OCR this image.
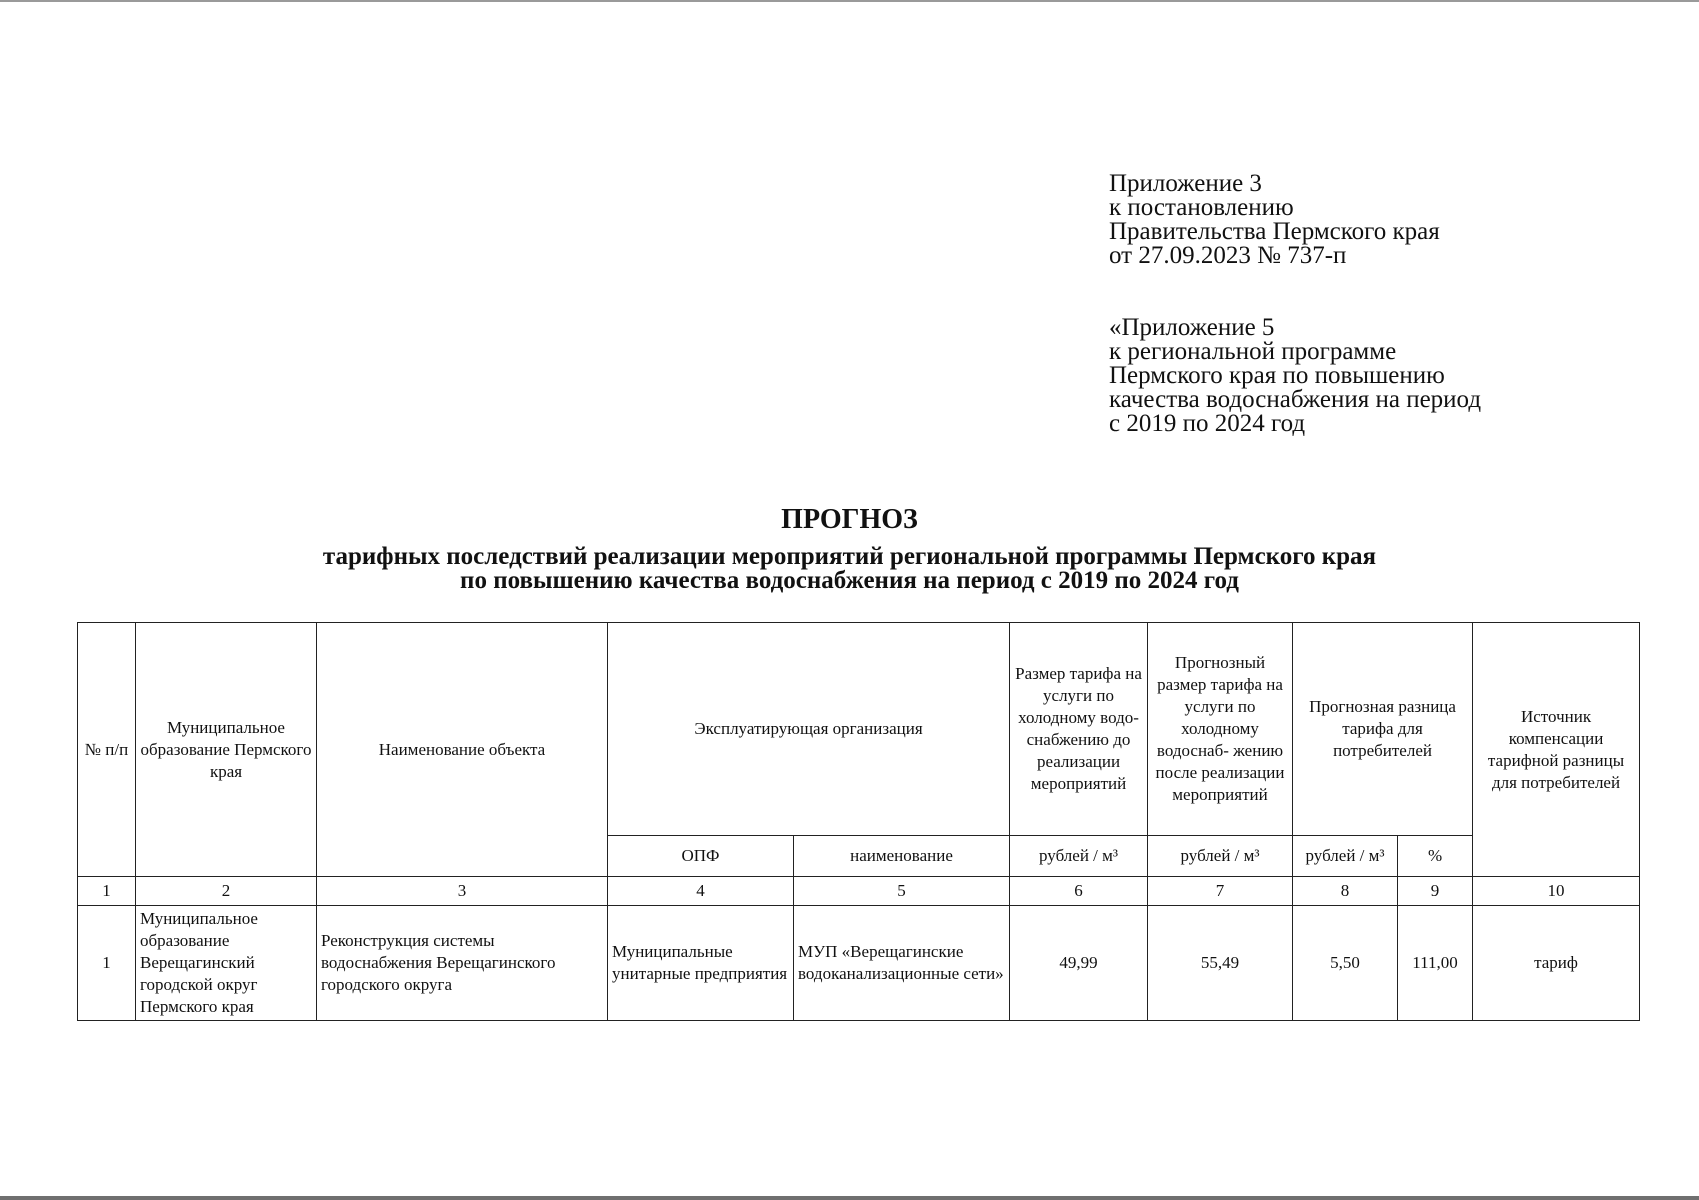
Приложение 3
к постановлению
Правительства Пермского края
от 27.09.2023 № 737-п
«Приложение 5
к региональной программе
Пермского края по повышению
качества водоснабжения на период
с 2019 по 2024 год
ПРОГНОЗ
тарифных последствий реализации мероприятий региональной программы Пермского края
по повышению качества водоснабжения на период с 2019 по 2024 год
№ п/п	Муниципальное образование Пермского края	Наименование объекта	Эксплуатирующая организация		Размер тарифа на услуги по холодному водо- снабжению до реализации мероприятий	Прогнозный размер тарифа на услуги по холодному водоснаб- жению после реализации мероприятий	Прогнозная разница тарифа для потребителей		Источник компенсации тарифной разницы для потребителей
			ОПФ	наименование	рублей / м³	рублей / м³	рублей / м³	%	
1	2	3	4	5	6	7	8	9	10
1	Муниципальное образование Верещагинский городской округ Пермского края	Реконструкция системы водоснабжения Верещагинского городского округа	Муниципальные унитарные предприятия	МУП «Верещагинские водоканализационные сети»	49,99	55,49	5,50	111,00	тариф
